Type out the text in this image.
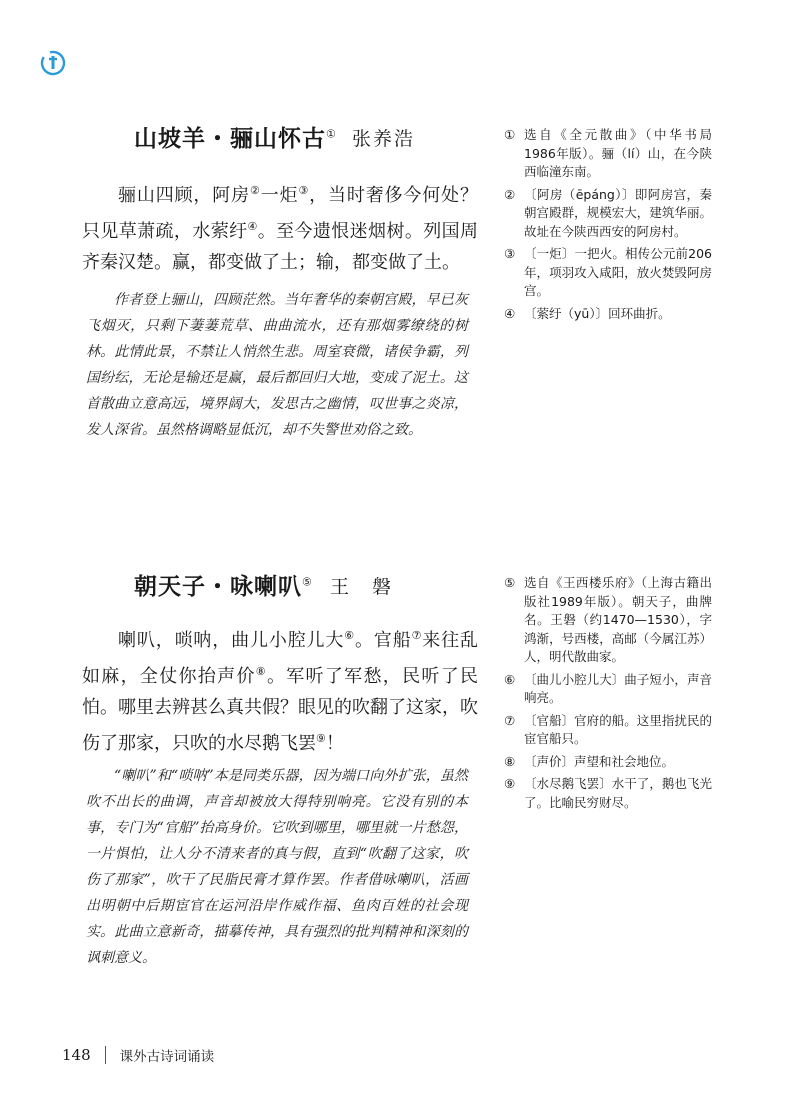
山坡羊・骊山怀古① 张养浩

骊山四顾，阿房②一炬③，当时奢侈今何处？只见草萧疏，水萦纡④。至今遗恨迷烟树。列国周齐秦汉楚。赢，都变做了土；输，都变做了土。

作者登上骊山，四顾茫然。当年奢华的秦朝宫殿，早已灰飞烟灭，只剩下萋萋荒草、曲曲流水，还有那烟雾缭绕的树林。此情此景，不禁让人悄然生悲。周室衰微，诸侯争霸，列国纷纭，无论是输还是赢，最后都回归大地，变成了泥土。这首散曲立意高远，境界阔大，发思古之幽情，叹世事之炎凉，发人深省。虽然格调略显低沉，却不失警世劝俗之致。

① 选自《全元散曲》（中华书局1986年版）。骊（lí）山，在今陕西临潼东南。
② 〔阿房（ēpáng）〕即阿房宫，秦朝宫殿群，规模宏大，建筑华丽。故址在今陕西西安的阿房村。
③ 〔一炬〕一把火。相传公元前206年，项羽攻入咸阳，放火焚毁阿房宫。
④ 〔萦纡（yū）〕回环曲折。
朝天子・咏喇叭⑤ 王　磐

喇叭，唢呐，曲儿小腔儿大⑥。官船⑦来往乱如麻，全仗你抬声价⑧。军听了军愁，民听了民怕。哪里去辨甚么真共假？眼见的吹翻了这家，吹伤了那家，只吹的水尽鹅飞罢⑨！

“喇叭”和“唢呐”本是同类乐器，因为端口向外扩张，虽然吹不出长的曲调，声音却被放大得特别响亮。它没有别的本事，专门为“官船”抬高身价。它吹到哪里，哪里就一片愁怨，一片惧怕，让人分不清来者的真与假，直到“吹翻了这家，吹伤了那家”，吹干了民脂民膏才算作罢。作者借咏喇叭，活画出明朝中后期宦官在运河沿岸作威作福、鱼肉百姓的社会现实。此曲立意新奇，描摹传神，具有强烈的批判精神和深刻的讽刺意义。

⑤ 选自《王西楼乐府》（上海古籍出版社1989年版）。朝天子，曲牌名。王磐（约1470—1530），字鸿渐，号西楼，高邮（今属江苏）人，明代散曲家。
⑥ 〔曲儿小腔儿大〕曲子短小，声音响亮。
⑦ 〔官船〕官府的船。这里指扰民的宦官船只。
⑧ 〔声价〕声望和社会地位。
⑨ 〔水尽鹅飞罢〕水干了，鹅也飞光了。比喻民穷财尽。
148 课外古诗词诵读
